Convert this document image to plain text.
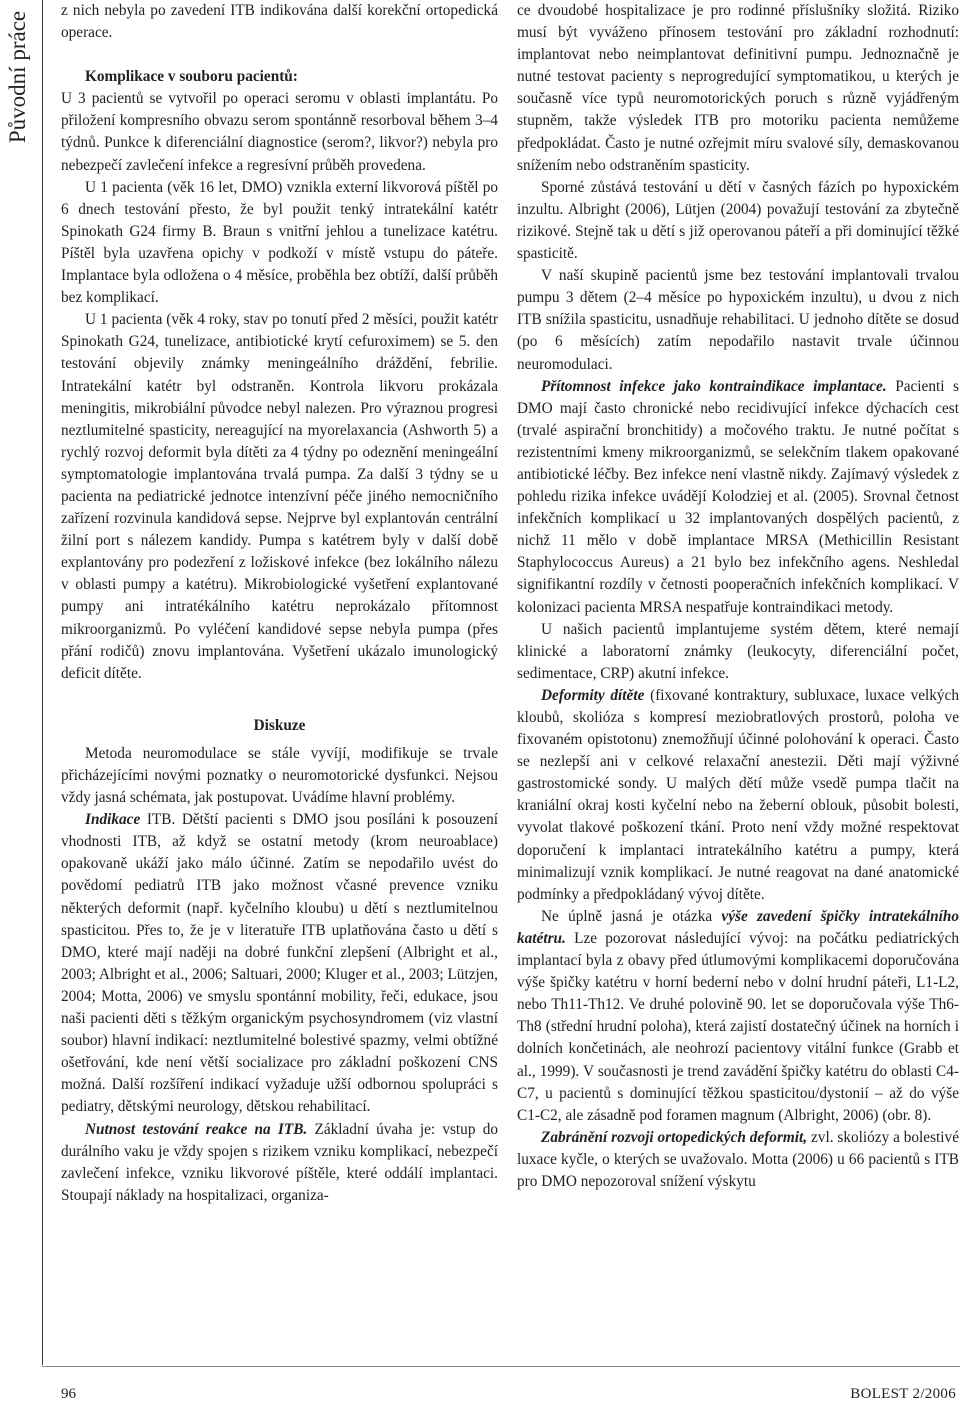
Původní práce

z nich nebyla po zavedení ITB indikována další korekční ortopedická operace.

Komplikace v souboru pacientů:

U 3 pacientů se vytvořil po operaci seromu v oblasti implantátu. Po přiložení kompresního obvazu serom spontánně resorboval během 3–4 týdnů. Punkce k diferenciální diagnostice (serom?, likvor?) nebyla pro nebezpečí zavlečení infekce a regresívní průběh provedena.

U 1 pacienta (věk 16 let, DMO) vznikla externí likvorová píštěl po 6 dnech testování přesto, že byl použit tenký intratekální katétr Spinokath G24 firmy B. Braun s vnitřní jehlou a tunelizace katétru. Píštěl byla uzavřena opichy v podkoží v místě vstupu do páteře. Implantace byla odložena o 4 měsíce, proběhla bez obtíží, další průběh bez komplikací.

U 1 pacienta (věk 4 roky, stav po tonutí před 2 měsíci, použit katétr Spinokath G24, tunelizace, antibiotické krytí cefuroximem) se 5. den testování objevily známky meningeálního dráždění, febrilie. Intratekální katétr byl odstraněn. Kontrola likvoru prokázala meningitis, mikrobiální původce nebyl nalezen. Pro výraznou progresi neztlumitelné spasticity, nereagující na myorelaxancia (Ashworth 5) a rychlý rozvoj deformit byla dítěti za 4 týdny po odeznění meningeální symptomatologie implantována trvalá pumpa. Za další 3 týdny se u pacienta na pediatrické jednotce intenzívní péče jiného nemocničního zařízení rozvinula kandidová sepse. Nejprve byl explantován centrální žilní port s nálezem kandidy. Pumpa s katétrem byly v další době explantovány pro podezření z ložiskové infekce (bez lokálního nálezu v oblasti pumpy a katétru). Mikrobiologické vyšetření explantované pumpy ani intratékálního katétru neprokázalo přítomnost mikroorganizmů. Po vyléčení kandidové sepse nebyla pumpa (přes přání rodičů) znovu implantována. Vyšetření ukázalo imunologický deficit dítěte.

Diskuze

Metoda neuromodulace se stále vyvíjí, modifikuje se trvale přicházejícími novými poznatky o neuromotorické dysfunkci. Nejsou vždy jasná schémata, jak postupovat. Uvádíme hlavní problémy.

Indikace ITB. Dětští pacienti s DMO jsou posíláni k posouzení vhodnosti ITB, až když se ostatní metody (krom neuroablace) opakovaně ukáží jako málo účinné. Zatím se nepodařilo uvést do povědomí pediatrů ITB jako možnost včasné prevence vzniku některých deformit (např. kyčelního kloubu) u dětí s neztlumitelnou spasticitou. Přes to, že je v literatuře ITB uplatňována často u dětí s DMO, které mají naději na dobré funkční zlepšení (Albright et al., 2003; Albright et al., 2006; Saltuari, 2000; Kluger et al., 2003; Lützjen, 2004; Motta, 2006) ve smyslu spontánní mobility, řeči, edukace, jsou naši pacienti děti s těžkým organickým psychosyndromem (viz vlastní soubor) hlavní indikací: neztlumitelné bolestivé spazmy, velmi obtížné ošetřování, kde není větší socializace pro základní poškození CNS možná. Další rozšíření indikací vyžaduje užší odbornou spolupráci s pediatry, dětskými neurology, dětskou rehabilitací.

Nutnost testování reakce na ITB. Základní úvaha je: vstup do durálního vaku je vždy spojen s rizikem vzniku komplikací, nebezpečí zavlečení infekce, vzniku likvorové píštěle, které oddálí implantaci. Stoupají náklady na hospitalizaci, organiza-

ce dvoudobé hospitalizace je pro rodinné příslušníky složitá. Riziko musí být vyváženo přínosem testování pro základní rozhodnutí: implantovat nebo neimplantovat definitivní pumpu. Jednoznačně je nutné testovat pacienty s neprogredující symptomatikou, u kterých je současně více typů neuromotorických poruch s různě vyjádřeným stupněm, takže výsledek ITB pro motoriku pacienta nemůžeme předpokládat. Často je nutné ozřejmit míru svalové síly, demaskovanou snížením nebo odstraněním spasticity.

Sporné zůstává testování u dětí v časných fázích po hypoxickém inzultu. Albright (2006), Lütjen (2004) považují testování za zbytečně rizikové. Stejně tak u dětí s již operovanou páteří a při dominující těžké spasticitě.

V naší skupině pacientů jsme bez testování implantovali trvalou pumpu 3 dětem (2–4 měsíce po hypoxickém inzultu), u dvou z nich ITB snížila spasticitu, usnadňuje rehabilitaci. U jednoho dítěte se dosud (po 6 měsících) zatím nepodařilo nastavit trvale účinnou neuromodulaci.

Přítomnost infekce jako kontraindikace implantace. Pacienti s DMO mají často chronické nebo recidivující infekce dýchacích cest (trvalé aspirační bronchitidy) a močového traktu. Je nutné počítat s rezistentními kmeny mikroorganizmů, se selekčním tlakem opakované antibiotické léčby. Bez infekce není vlastně nikdy. Zajímavý výsledek z pohledu rizika infekce uvádějí Kolodziej et al. (2005). Srovnal četnost infekčních komplikací u 32 implantovaných dospělých pacientů, z nichž 11 mělo v době implantace MRSA (Methicillin Resistant Staphylococcus Aureus) a 21 bylo bez infekčního agens. Neshledal signifikantní rozdíly v četnosti pooperačních infekčních komplikací. V kolonizaci pacienta MRSA nespatřuje kontraindikaci metody.

U našich pacientů implantujeme systém dětem, které nemají klinické a laboratorní známky (leukocyty, diferenciální počet, sedimentace, CRP) akutní infekce.

Deformity dítěte (fixované kontraktury, subluxace, luxace velkých kloubů, skolióza s kompresí meziobratlových prostorů, poloha ve fixovaném opistotonu) znemožňují účinné polohování k operaci. Často se nezlepší ani v celkové relaxační anestezii. Děti mají výživné gastrostomické sondy. U malých dětí může vsedě pumpa tlačit na kraniální okraj kosti kyčelní nebo na žeberní oblouk, působit bolesti, vyvolat tlakové poškození tkání. Proto není vždy možné respektovat doporučení k implantaci intratekálního katétru a pumpy, která minimalizují vznik komplikací. Je nutné reagovat na dané anatomické podmínky a předpokládaný vývoj dítěte.

Ne úplně jasná je otázka výše zavedení špičky intratekálního katétru. Lze pozorovat následující vývoj: na počátku pediatrických implantací byla z obavy před útlumovými komplikacemi doporučována výše špičky katétru v horní bederní nebo v dolní hrudní páteři, L1-L2, nebo Th11-Th12. Ve druhé polovině 90. let se doporučovala výše Th6-Th8 (střední hrudní poloha), která zajistí dostatečný účinek na horních i dolních končetinách, ale neohrozí pacientovy vitální funkce (Grabb et al., 1999). V současnosti je trend zavádění špičky katétru do oblasti C4-C7, u pacientů s dominující těžkou spasticitou/dystonií – až do výše C1-C2, ale zásadně pod foramen magnum (Albright, 2006) (obr. 8).

Zabránění rozvoji ortopedických deformit, zvl. skoliózy a bolestivé luxace kyčle, o kterých se uvažovalo. Motta (2006) u 66 pacientů s ITB pro DMO nepozoroval snížení výskytu

96	BOLEST 2/2006
